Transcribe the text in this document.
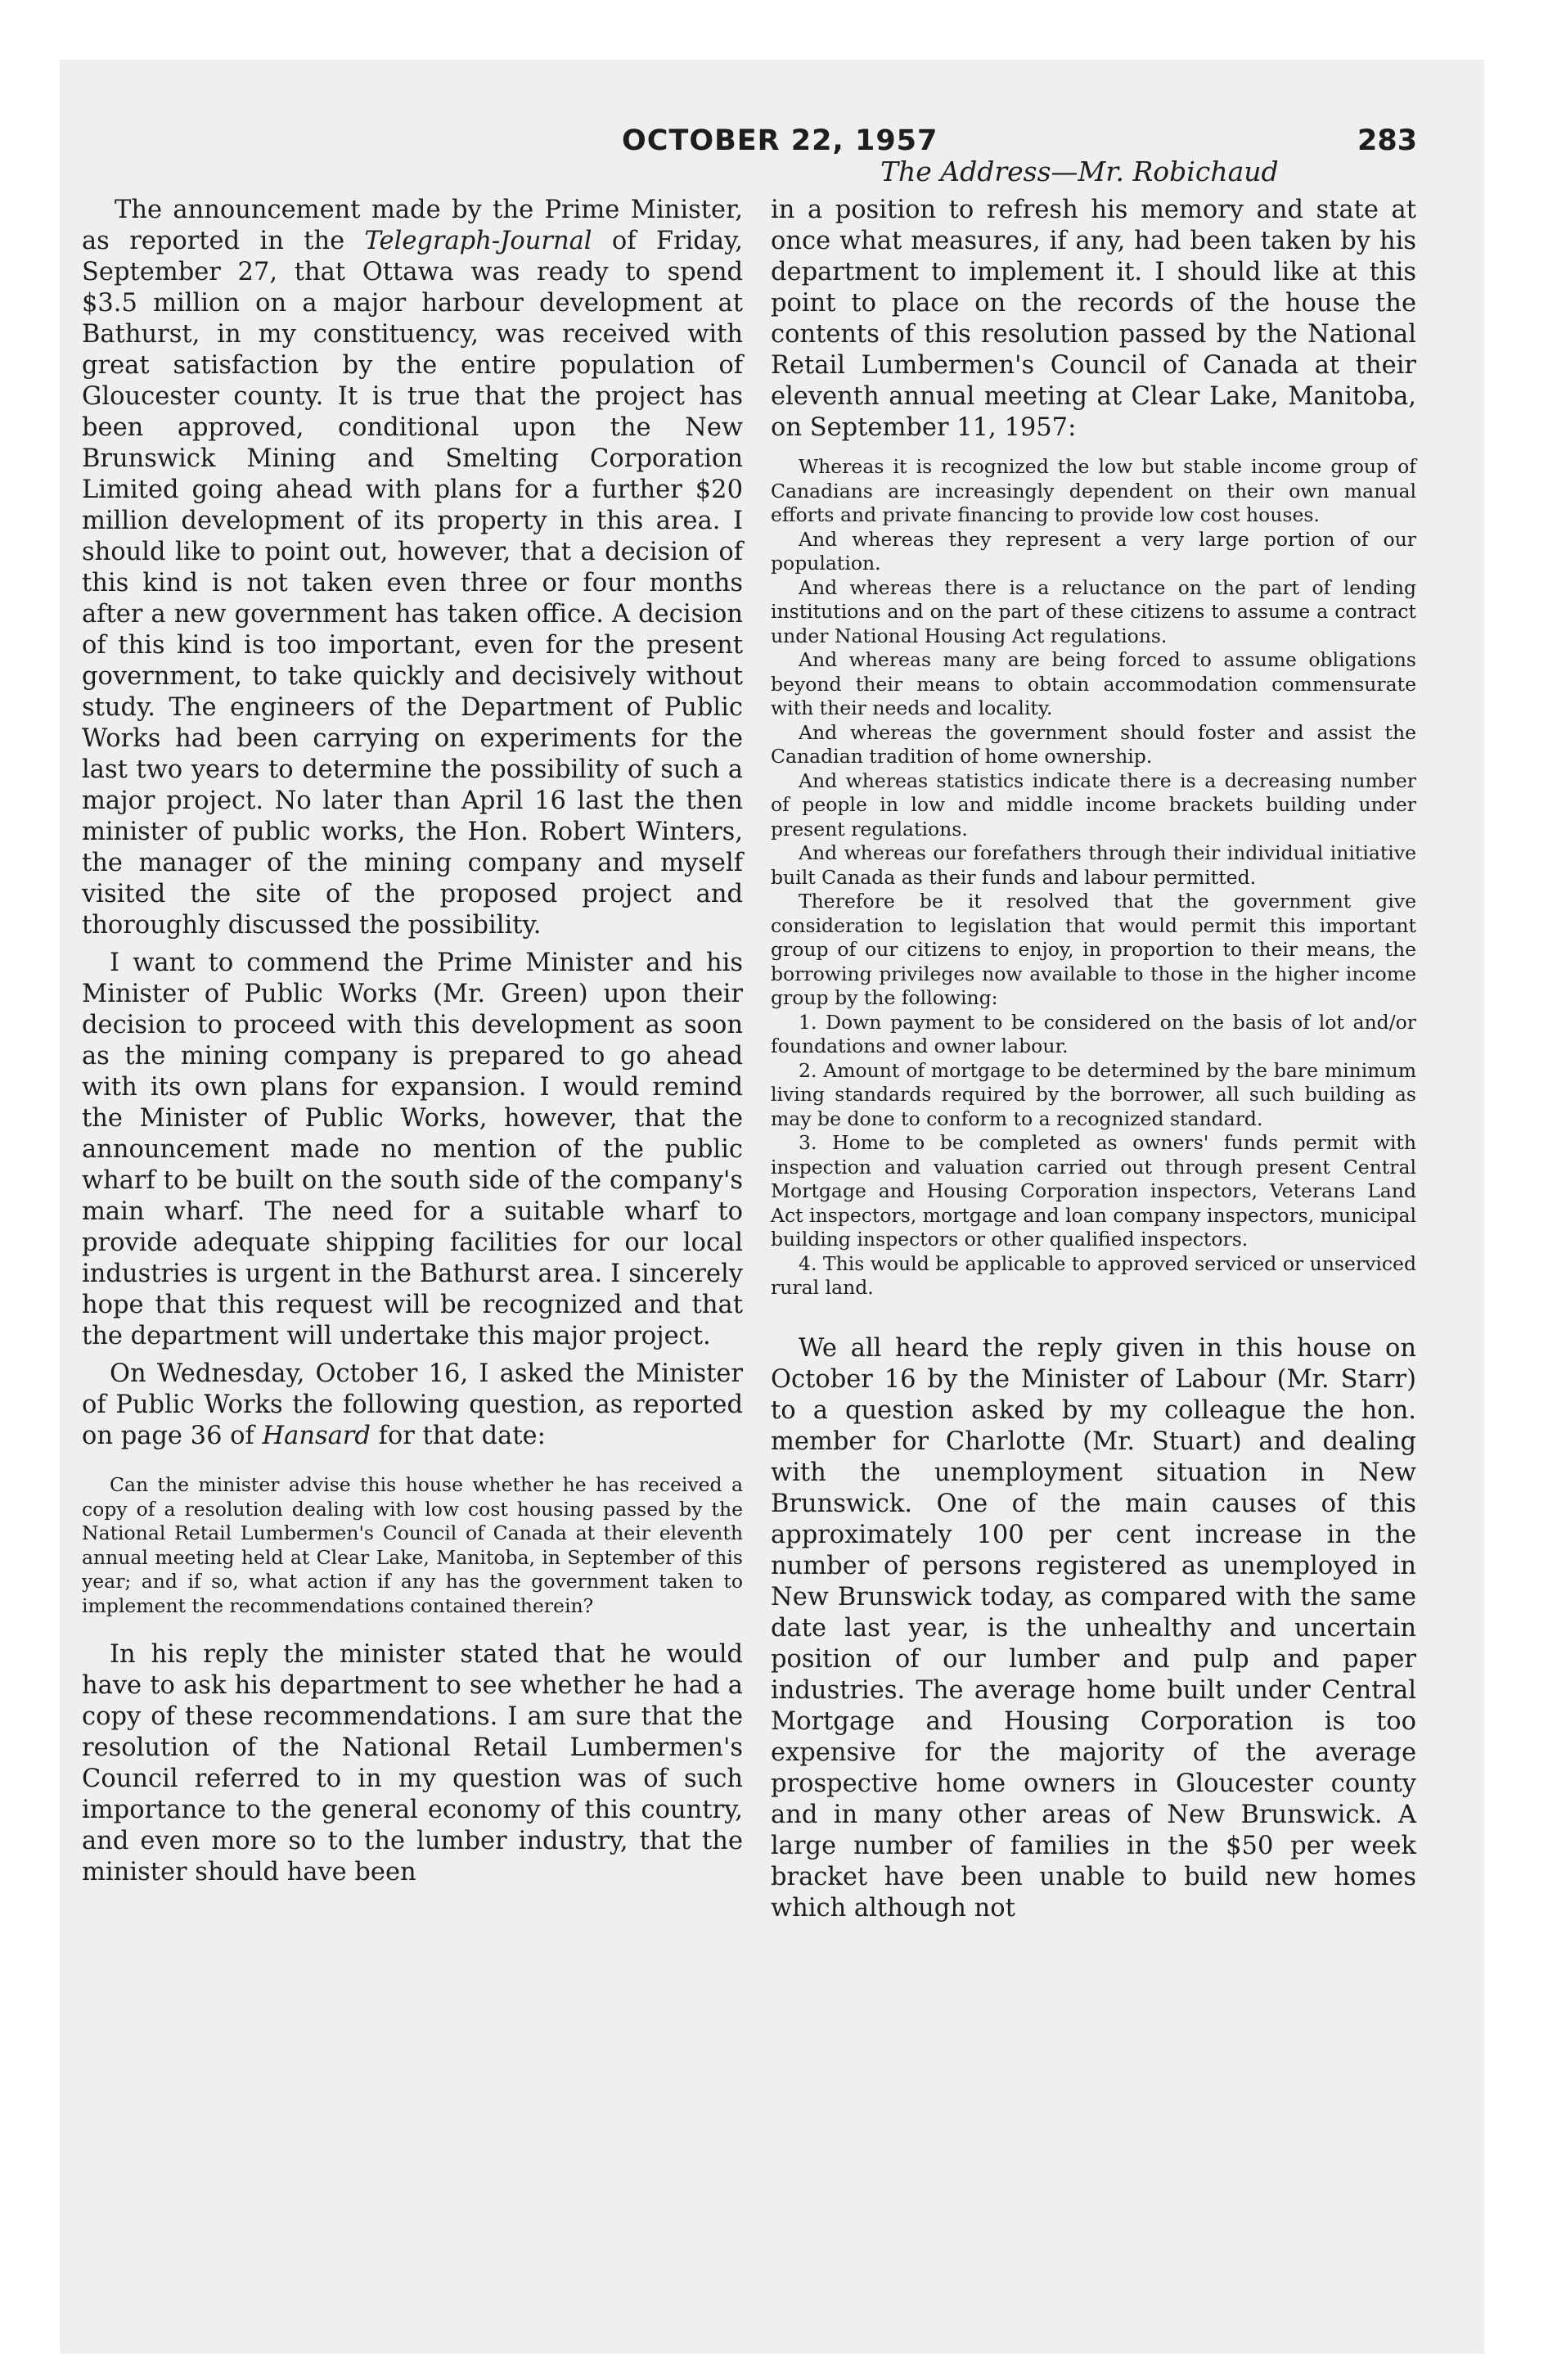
OCTOBER 22, 1957	283
The Address—Mr. Robichaud

The announcement made by the Prime Minister, as reported in the Telegraph-Journal of Friday, September 27, that Ottawa was ready to spend $3.5 million on a major harbour development at Bathurst, in my constituency, was received with great satisfaction by the entire population of Gloucester county. It is true that the project has been approved, conditional upon the New Brunswick Mining and Smelting Corporation Limited going ahead with plans for a further $20 million development of its property in this area. I should like to point out, however, that a decision of this kind is not taken even three or four months after a new government has taken office. A decision of this kind is too important, even for the present government, to take quickly and decisively without study. The engineers of the Department of Public Works had been carrying on experiments for the last two years to determine the possibility of such a major project. No later than April 16 last the then minister of public works, the Hon. Robert Winters, the manager of the mining company and myself visited the site of the proposed project and thoroughly discussed the possibility.

I want to commend the Prime Minister and his Minister of Public Works (Mr. Green) upon their decision to proceed with this development as soon as the mining company is prepared to go ahead with its own plans for expansion. I would remind the Minister of Public Works, however, that the announcement made no mention of the public wharf to be built on the south side of the company's main wharf. The need for a suitable wharf to provide adequate shipping facilities for our local industries is urgent in the Bathurst area. I sincerely hope that this request will be recognized and that the department will undertake this major project.

On Wednesday, October 16, I asked the Minister of Public Works the following question, as reported on page 36 of Hansard for that date:

Can the minister advise this house whether he has received a copy of a resolution dealing with low cost housing passed by the National Retail Lumbermen's Council of Canada at their eleventh annual meeting held at Clear Lake, Manitoba, in September of this year; and if so, what action if any has the government taken to implement the recommendations contained therein?

In his reply the minister stated that he would have to ask his department to see whether he had a copy of these recommendations. I am sure that the resolution of the National Retail Lumbermen's Council referred to in my question was of such importance to the general economy of this country, and even more so to the lumber industry, that the minister should have been

in a position to refresh his memory and state at once what measures, if any, had been taken by his department to implement it. I should like at this point to place on the records of the house the contents of this resolution passed by the National Retail Lumbermen's Council of Canada at their eleventh annual meeting at Clear Lake, Manitoba, on September 11, 1957:

Whereas it is recognized the low but stable income group of Canadians are increasingly dependent on their own manual efforts and private financing to provide low cost houses.

And whereas they represent a very large portion of our population.

And whereas there is a reluctance on the part of lending institutions and on the part of these citizens to assume a contract under National Housing Act regulations.

And whereas many are being forced to assume obligations beyond their means to obtain accommodation commensurate with their needs and locality.

And whereas the government should foster and assist the Canadian tradition of home ownership.

And whereas statistics indicate there is a decreasing number of people in low and middle income brackets building under present regulations.

And whereas our forefathers through their individual initiative built Canada as their funds and labour permitted.

Therefore be it resolved that the government give consideration to legislation that would permit this important group of our citizens to enjoy, in proportion to their means, the borrowing privileges now available to those in the higher income group by the following:

1. Down payment to be considered on the basis of lot and/or foundations and owner labour.

2. Amount of mortgage to be determined by the bare minimum living standards required by the borrower, all such building as may be done to conform to a recognized standard.

3. Home to be completed as owners' funds permit with inspection and valuation carried out through present Central Mortgage and Housing Corporation inspectors, Veterans Land Act inspectors, mortgage and loan company inspectors, municipal building inspectors or other qualified inspectors.

4. This would be applicable to approved serviced or unserviced rural land.

We all heard the reply given in this house on October 16 by the Minister of Labour (Mr. Starr) to a question asked by my colleague the hon. member for Charlotte (Mr. Stuart) and dealing with the unemployment situation in New Brunswick. One of the main causes of this approximately 100 per cent increase in the number of persons registered as unemployed in New Brunswick today, as compared with the same date last year, is the unhealthy and uncertain position of our lumber and pulp and paper industries. The average home built under Central Mortgage and Housing Corporation is too expensive for the majority of the average prospective home owners in Gloucester county and in many other areas of New Brunswick. A large number of families in the $50 per week bracket have been unable to build new homes which although not
